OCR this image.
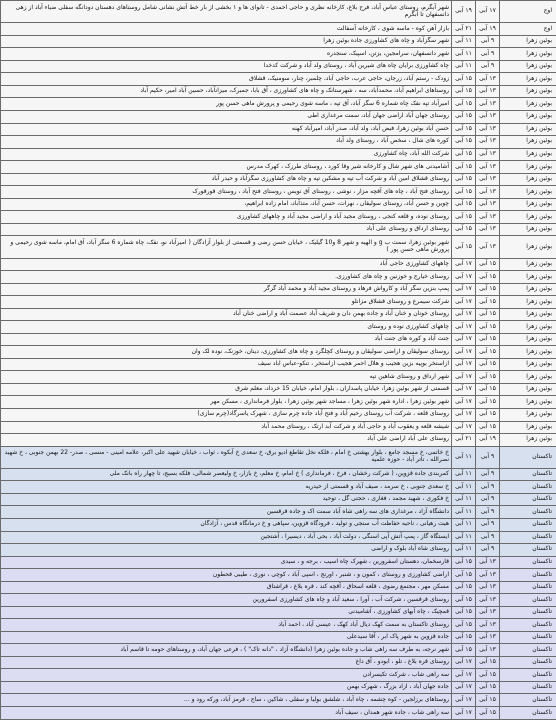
اوج	۱۷ آبی	۱۹ آبی	شهر آبگرم، روستای عباس آباد، فرح بلاغ، کارخانه نظری و حاجی احمدی - تانوای ها و ۱ بخشی از بار خط آتش نشانی شامل روستاهای دهستان دودانگه سفلی ضیاء آباد از زهی دانسفهان تا آبگرم
اوج	۱۹ آبی	۲۱ آبی	بازار آهن کوه - ماسه شوی ، کارخانه آسفالت
بوئین زهرا	۹ آبی	۱۱ آبی	شهر سگزآباد و چاه های کشاورزی جاده بوئین زهرا
بوئین زهرا	۹ آبی	۱۱ آبی	شهر دانسفهان، سرامجین، یزتن، اسپیک، سنجدره
بوئین زهرا	۹ آبی	۱۱ آبی	چاه کشاورزی برایان چاه های شیرین آباد ، روستای ولد آباد و شرکت کدخدا
بوئین زهرا	۱۳ آبی	۱۵ آبی	زودک - رستم آباد، زرجان، حاجی عرب، حاجی آباد، چلمبر، چنار، سومنیک، قشلاق
بوئین زهرا	۱۳ آبی	۱۵ آبی	روستاهای ابراهیم آباد، محمدآباد، سه ، شهرستانک و چاه های کشاورزی ، آق بابا، جمبرک، میزانآباد، حسین آباد امیر، حکیم آباد
بوئین زهرا	۱۳ آبی	۱۵ آبی	امیرآباد تپه نفک چاه شماره 6 سگز آباد، آق تپه ، ماسه شوی رحیمی و پرورش ماهی حسن پور
بوئین زهرا	۱۳ آبی	۱۵ آبی	روستای جهان آباد اراضی جهان آباد، سمت مرغداری اطی
بوئین زهرا	۱۳ آبی	۱۵ آبی	حسن آباد بوئین زهرا، فیض آباد، ولد آباد، صدر آباد، امیرآباد کهنه
بوئین زهرا	۱۳ آبی	۱۵ آبی	کوره های شال ، سخص آباد ، روستای ولد آباد
بوئین زهرا	۱۳ آبی	۱۵ آبی	شرکت الله آباد، چاه کشاورزی
بوئین زهرا	۱۳ آبی	۱۵ آبی	آشامیدنی های شهر شال و کارخانه شیر وقا کورد ، روستای طرزک ، کهرک مدرس
بوئین زهرا	۱۳ آبی	۱۵ آبی	روستای قشلاق امین آباد و شرکت آب تپه و مشکین تپه و چاه های کشاورزی سگزآباد و حیدر آباد
بوئین زهرا	۱۳ آبی	۱۵ آبی	روستای فتح آباد ، چاه های آقچه مزار ، نوشی ، روستای آق نویس ، روستای فتح آباد ، روستای قورقورک
بوئین زهرا	۱۳ آبی	۱۵ آبی	چوین و حسن آباد، روستای سولیقان ، نهرات، حسن آباد، متذآباد، امام زاده ابراهیم،
بوئین زهرا	۱۳ آبی	۱۵ آبی	روستای نوده، و قلعه کنجی ، روستای مجید آباد و اراضی مجید آباد و چاههای کشاورزی
بوئین زهرا	۱۳ آبی	۱۵ آبی	روستای ارداق و روستای علی آباد
بوئین زهرا	۱۳ آبی	۱۵ آبی	شهر بوئین زهرا، سمت ب g و الهیه و شهر 8 و10 گیلیک ، خیابان حسن رضی و قسمتی از بلوار آزادگان ( امیرآباد نو، نفک، چاه شماره 6 سگز آباد، آق امام، ماسه شوی رحیمی و پرورش ماهی حسن پور )
بوئین زهرا	۱۵ آبی	۱۷ آبی	چاههای کشاورزی حاجی آباد
بوئین زهرا	۱۵ آبی	۱۷ آبی	روستای خیارج و خوزنین و چاه های کشاورزی.
بوئین زهرا	۱۵ آبی	۱۷ آبی	پمپ بنزین سگز آباد و کارواش فرهاد و روستای مجید آباد و محمد آباد گرگر
بوئین زهرا	۱۵ آبی	۱۷ آبی	شرکت سیمرغ و روستای قشلاق مزانلو
بوئین زهرا	۱۵ آبی	۱۷ آبی	روستای خونان و خنان آباد و جاده بهمن دان و شریف آباد عصمت آباد و اراضی خنان آباد
بوئین زهرا	۱۵ آبی	۱۷ آبی	چاههای کشاورزی نوده و روستای
بوئین زهرا	۱۵ آبی	۱۷ آبی	جنت آباد و کوره های جنت آباد
بوئین زهرا	۱۵ آبی	۱۷ آبی	روستای سولیقان و اراضی سولیقان و روستای کچلگرد و چاه های کشاورزی، دینان، خوزنک، نوده لک وان
بوئین زهرا	۱۵ آبی	۱۷ آبی	ازاستخر بوپیه بزین هجیب و هلال احمر هجیب ازاستخر ، تنکو-عباس اباد سیف
بوئین زهرا	۱۵ آبی	۱۷ آبی	شهر ارداق و روستای شاهین تپه
بوئین زهرا	۱۵ آبی	۱۷ آبی	قسمتی از شهر بوئین زهرا، خیابان پاسداران ، بلوار امام، خیابان 15 خرداد، معلم شرق
بوئین زهرا	۱۵ آبی	۱۷ آبی	شهر بوئین زهرا ، اداره شهر بوئین زهرا ، مساجد شهر بوئین زهرا ، بلوار فرمانداری ، مسکن مهر
بوئین زهرا	۱۵ آبی	۱۷ آبی	روستای قلعه ، شرکت آب روستای رحیم آباد و فتح آباد جاده چرم سازی ، شهرک یاسرگاد(چرم سازی)
بوئین زهرا	۱۵ آبی	۱۷ آبی	شیشه قلعه و یعقوب آباد و حاجی آباد و شرکت آبد ارتک ، روستای محمد آباد
بوئین زهرا	۱۹ آبی	۲۱ آبی	روستای علی آباد اراضی علی آباد
تاکستان	۹ آبی	۱۱ آبی	خ خاتمی، خ مسجد جامع ، بلوار بهشتی خ امام ، فلکه نخل تقاطع ادیو برق، خ سعدی خ آبکوه ، ثواب ، خیابان شهید علی اکبر، علامه امینی - منسی ، صدر- 22 بهمن جنوبی ، خ شهید نصرالله ، تاتر آباد - حوزه علمیه
تاکستان	۹ آبی	۱۱ آبی	کمربندی جاده قزوین، ( شرکت رخشان ، فرخ ، فرمانداری ) خ امام، خ معلم، خ بازار، خ ولیعصر شمالی، فلکه بسیج، تا چهار راه بانک ملی
تاکستان	۹ آبی	۱۱ آبی	خ سعدی جنوبی ، خ سرمد ، صیف آباد و قسمتی از حیدریه
تاکستان	۹ آبی	۱۱ آبی	خ فکوری ، شهید مجمد ، فغاری ، حجتی گل ، توحید
تاکستان	۹ آبی	۱۱ آبی	دانشگاه آزاد ، مرغداری های سه راهی شاه آباد سمت اک و جاده قرقسین
تاکستان	۹ آبی	۱۱ آبی	هیت رهیانی ، ناحیه حفاظت آب سنجی و تولید ، فرودگاه قزوین، سپاهی و خ درمانگاه قدس ، آزادگان
تاکستان	۹ آبی	۱۱ آبی	ایستگاه گاز ، پمپ آتش آپی اسنگی ، دولت آباد ، بحی آباد ، دیسیرا ، آشتجین
تاکستان	۹ آبی	۱۱ آبی	روستای شاه آباد بلوک و اراضی
تاکستان	۱۳ آبی	۱۵ آبی	قارسخمان، دهستان اسفرورین ، شهرک چاه اسیب ، برجه و ، سیدی
تاکستان	۱۳ آبی	۱۵ آبی	اراضی کشاورزی و روستای ، کمون و ، شنبر ، اورنج ، اسپی آباد ، کوچی ، نوری ، طیبی قحطون
تاکستان	۱۳ آبی	۱۵ آبی	مسکن مهر ، مجتمع رضوی ، قلعه اسحاق ، آقچه کند ، قره بلاغ ، قراشتاق
تاکستان	۱۳ آبی	۱۵ آبی	روستای قرقسین ، شرکت آب ، آورا ، سعید آباد و چاه های کشاورزی اسفرورین
تاکستان	۱۳ آبی	۱۵ آبی	قمچیک ، چاه آبهای کشاورزی ، آشامیدنی
تاکستان	۱۳ آبی	۱۵ آبی	روستای تاکستان به سمت کهک دیال آباد کهک ، عیسی آباد ، احمد آباد
تاکستان	۱۳ آبی	۱۵ آبی	جاده قزوین به شهر پاک ابر ، آقا سیدعلی
تاکستان	۱۳ آبی	۱۵ آبی	شهر نرجه، به طرف سه راهی شاب و جاده بوئین زهرا (دانشگاه آزاد ، "دانه تاک" ) ، فرعی جهان آباد، و روستاهای حومه تا قاسم آباد
تاکستان	۱۵ آبی	۱۷ آبی	روستای قره بلاغ ، تلو ، ابودو ، آق داغ
تاکستان	۱۵ آبی	۱۷ آبی	سه راهی شاب ، شرکت تکیسرادن
تاکستان	۱۵ آبی	۱۷ آبی	جاده جهان آباد ، ازاد بزرگ ، شهرک بهمن
تاکستان	۱۵ آبی	۱۷ آبی	روستاهای برزلجین - کوه چشمه ، چاه آباد ، شلشق بولیا و سفلی ، شاکین ، ساج ، قرمز آباد، ورکه رود و ...
تاکستان	۱۵ آبی	۱۷ آبی	سه راهی شاب ، جاده شهر همدان ، سیف آباد
